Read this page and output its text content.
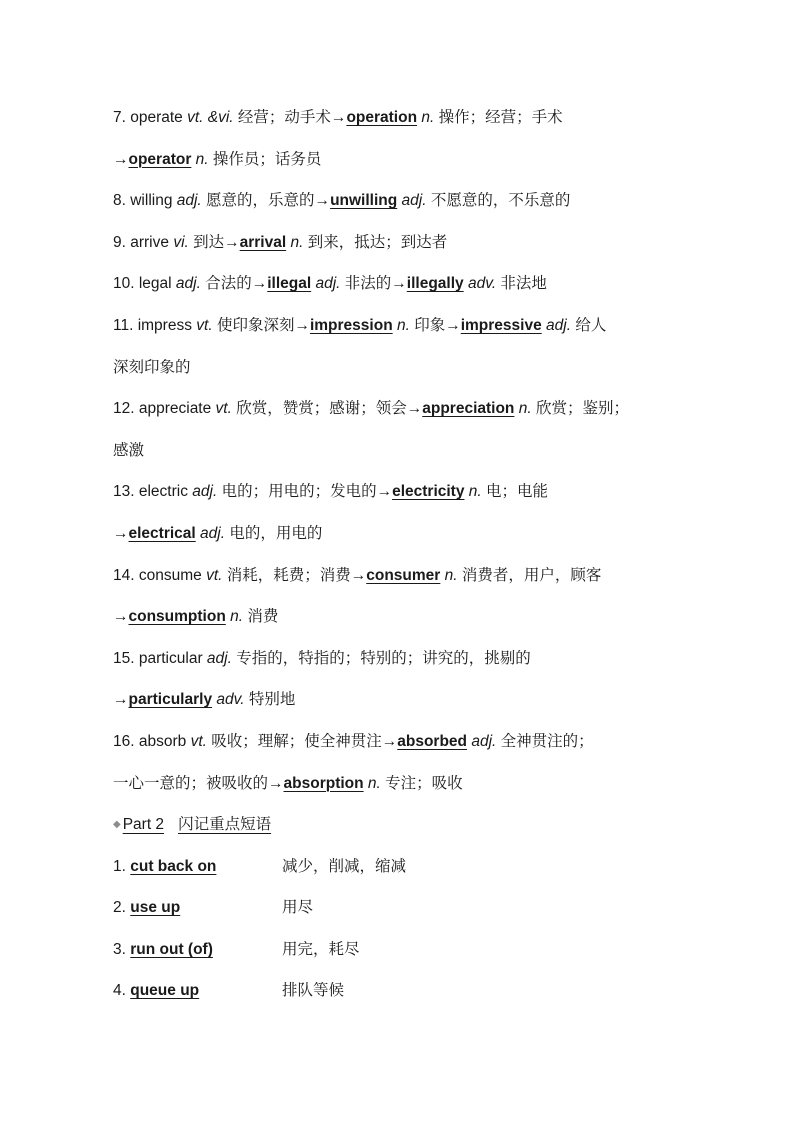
7. operate vt. &vi. 经营；动手术→operation n. 操作；经营；手术
→operator n. 操作员；话务员
8. willing adj. 愿意的，乐意的→unwilling adj. 不愿意的，不乐意的
9. arrive vi. 到达→arrival n. 到来，抵达；到达者
10. legal adj. 合法的→illegal adj. 非法的→illegally adv. 非法地
11. impress vt. 使印象深刻→impression n. 印象→impressive adj. 给人
深刻印象的
12. appreciate vt. 欣赏，赞赏；感谢；领会→appreciation n. 欣赏；鉴别；
感激
13. electric adj. 电的；用电的；发电的→electricity n. 电；电能
→electrical adj. 电的，用电的
14. consume vt. 消耗，耗费；消费→consumer n. 消费者，用户，顾客
→consumption n. 消费
15. particular adj. 专指的，特指的；特别的；讲究的，挑剔的
→particularly adv. 特别地
16. absorb vt. 吸收；理解；使全神贯注→absorbed adj. 全神贯注的；
一心一意的；被吸收的→absorption n. 专注；吸收
◆ Part 2 闪记重点短语
1. cut back on	减少，削减，缩减
2. use up	用尽
3. run out (of)	用完，耗尽
4. queue up	排队等候
